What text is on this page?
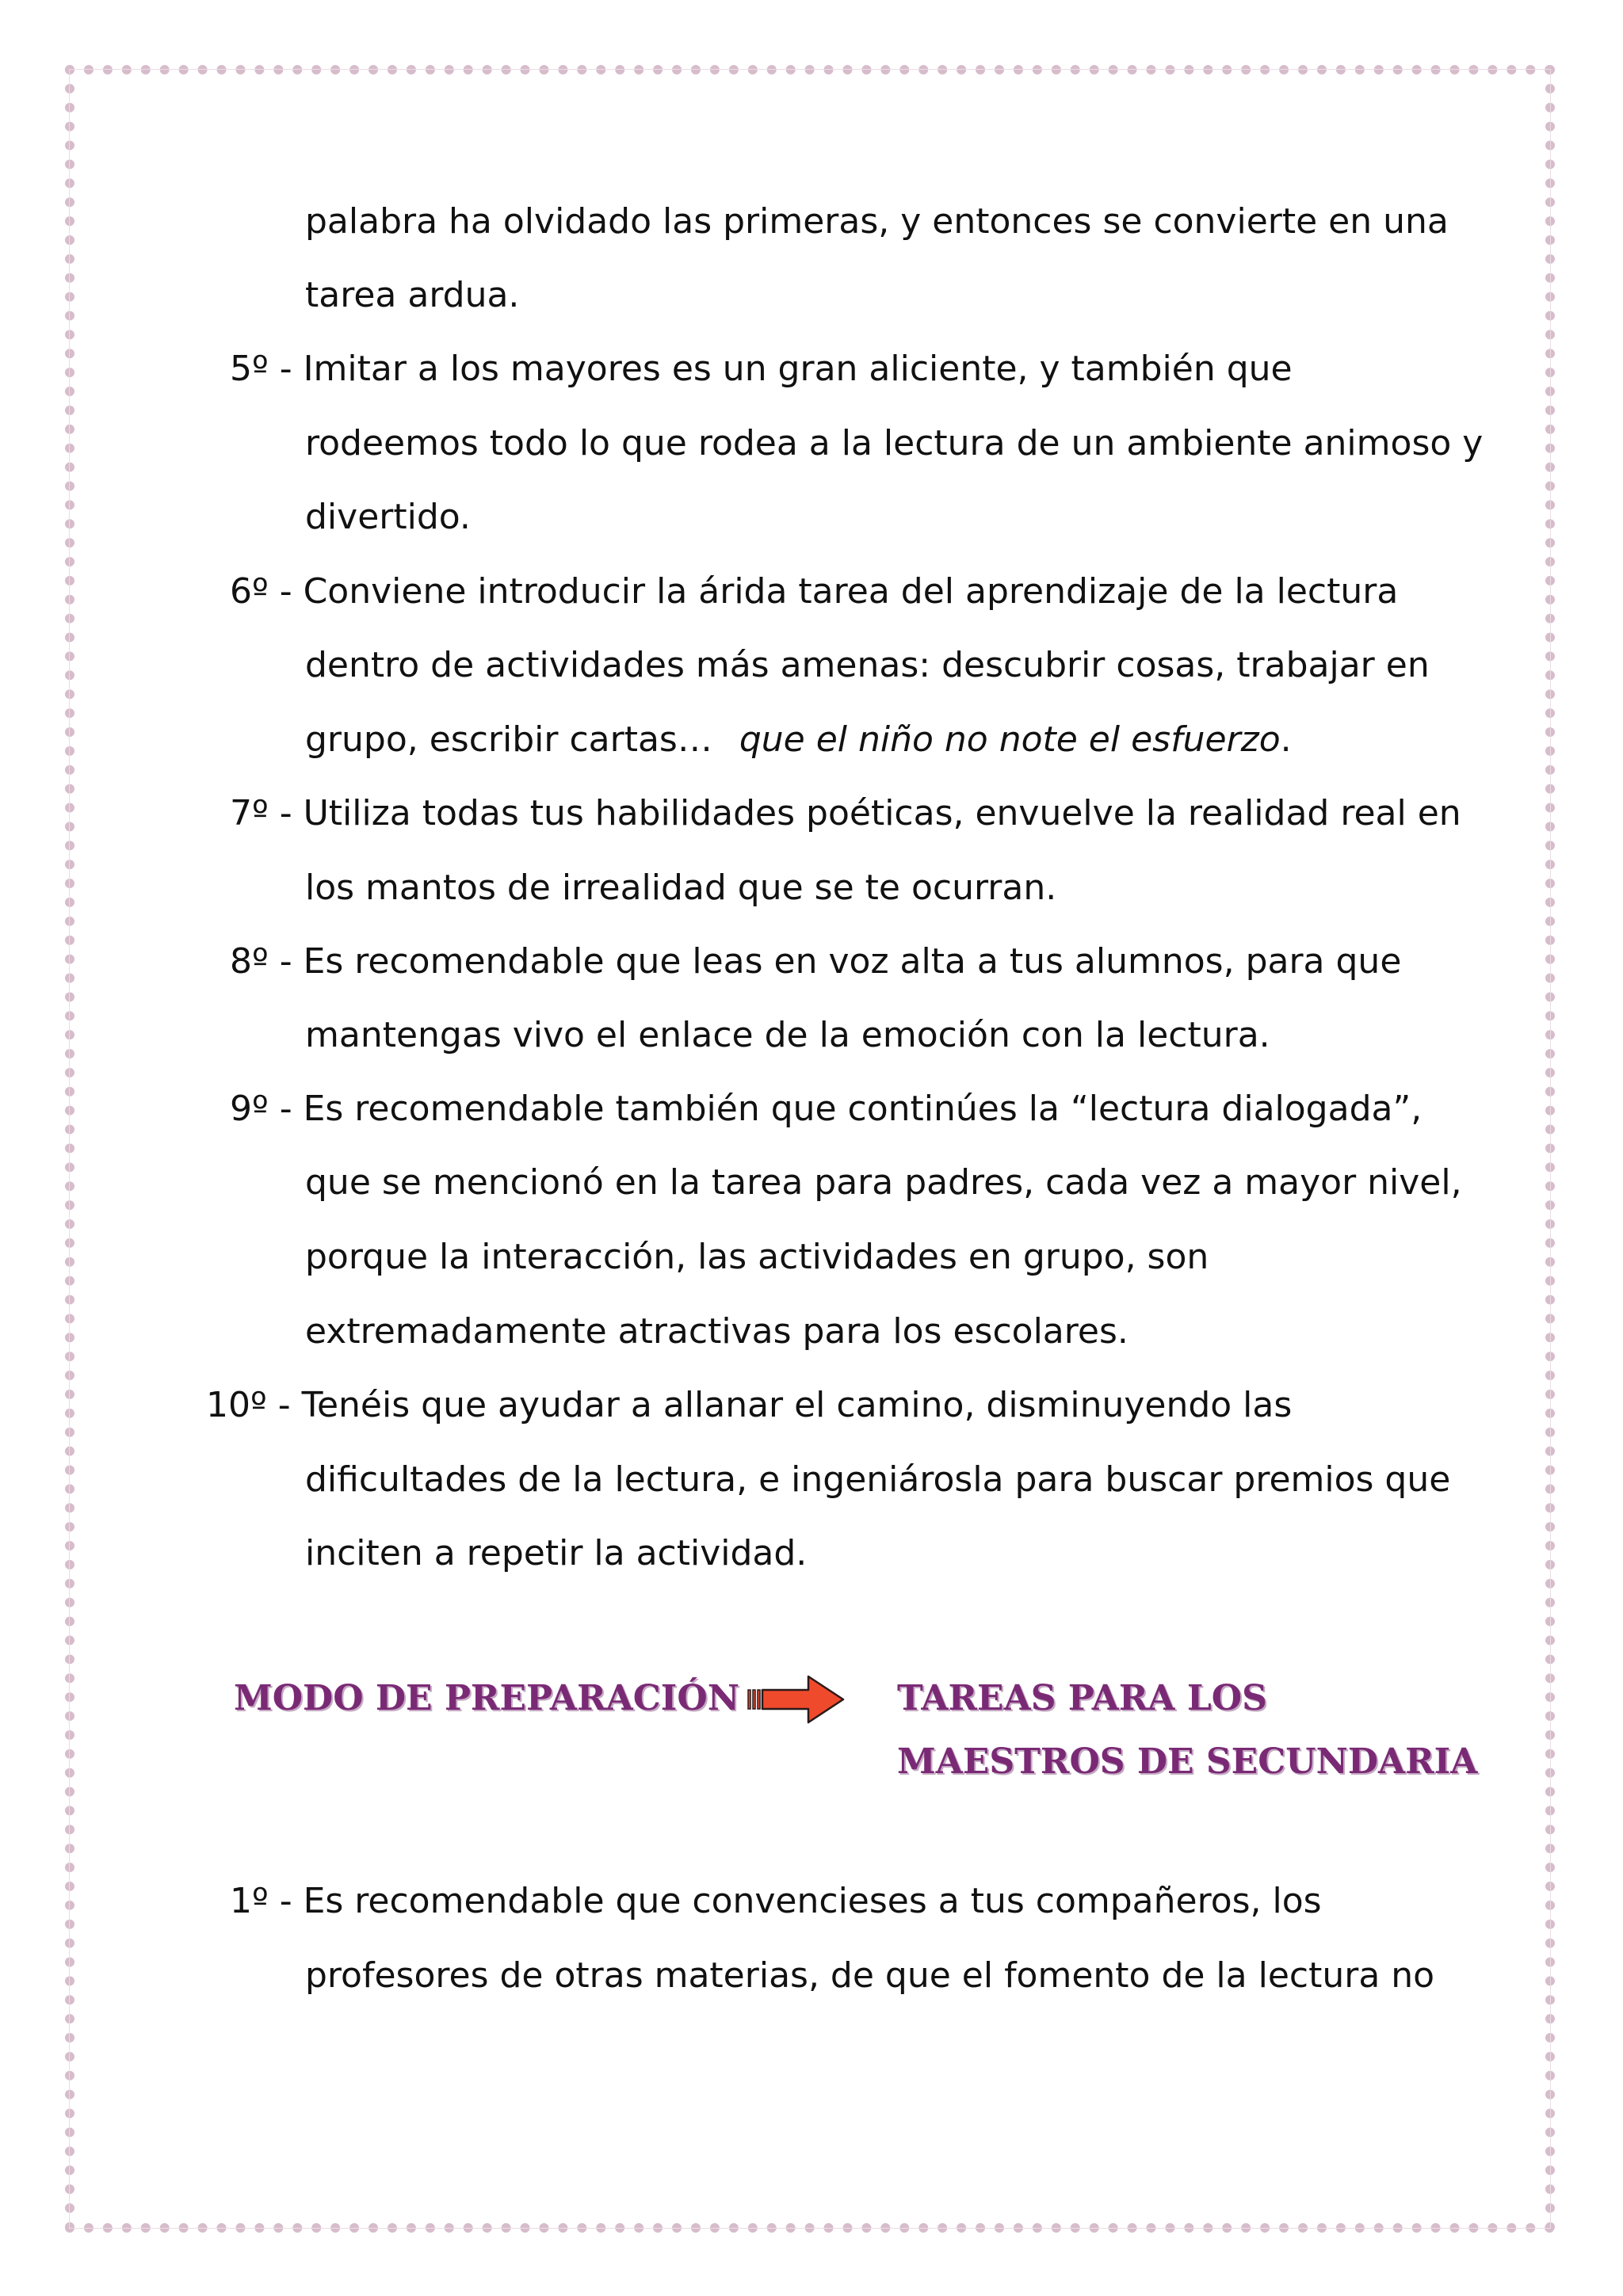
palabra ha olvidado las primeras, y entonces se convierte en una
tarea ardua.
5º - Imitar a los mayores es un gran aliciente, y también que
rodeemos todo lo que rodea a la lectura de un ambiente animoso y
divertido.
6º - Conviene introducir la árida tarea del aprendizaje de la lectura
dentro de actividades más amenas: descubrir cosas, trabajar en
grupo, escribir cartas… que el niño no note el esfuerzo.
7º - Utiliza todas tus habilidades poéticas, envuelve la realidad real en
los mantos de irrealidad que se te ocurran.
8º - Es recomendable que leas en voz alta a tus alumnos, para que
mantengas vivo el enlace de la emoción con la lectura.
9º - Es recomendable también que continúes la “lectura dialogada”,
que se mencionó en la tarea para padres, cada vez a mayor nivel,
porque la interacción, las actividades en grupo, son
extremadamente atractivas para los escolares.
10º - Tenéis que ayudar a allanar el camino, disminuyendo las
dificultades de la lectura, e ingeniárosla para buscar premios que
inciten a repetir la actividad.
MODO DE PREPARACIÓN	TAREAS PARA LOS
MAESTROS DE SECUNDARIA
1º - Es recomendable que convencieses a tus compañeros, los
profesores de otras materias, de que el fomento de la lectura no
